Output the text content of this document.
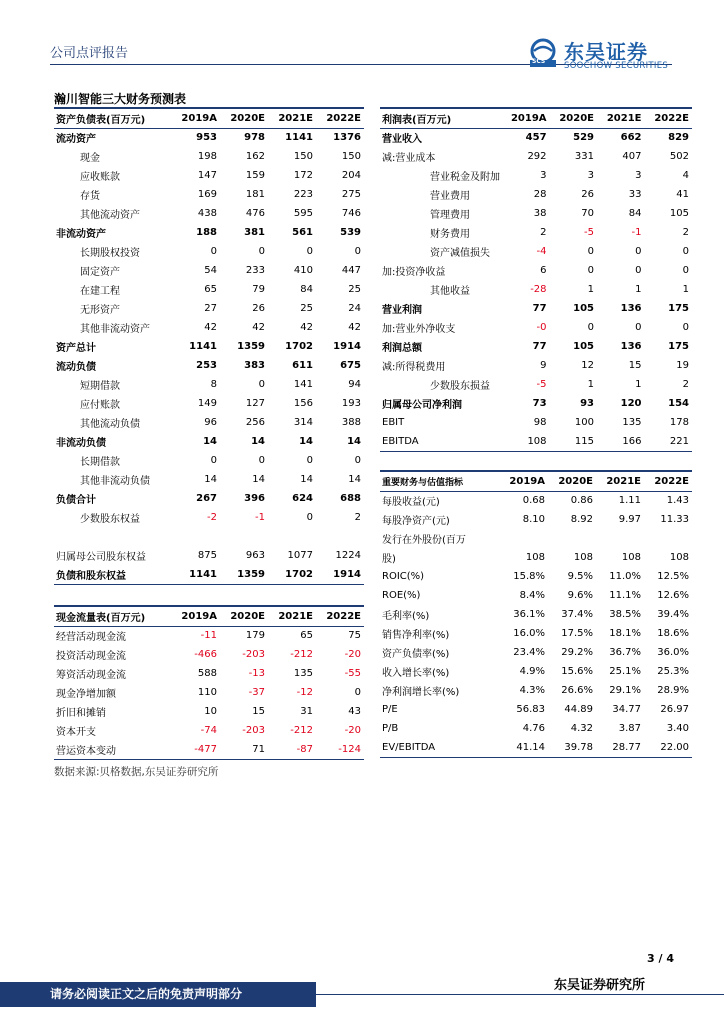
公司点评报告
SCS 东吴证券
SOOCHOW SECURITIES
瀚川智能三大财务预测表
资产负债表(百万元)	2019A	2020E	2021E	2022E
流动资产	953	978	1141	1376
现金	198	162	150	150
应收账款	147	159	172	204
存货	169	181	223	275
其他流动资产	438	476	595	746
非流动资产	188	381	561	539
长期股权投资	0	0	0	0
固定资产	54	233	410	447
在建工程	65	79	84	25
无形资产	27	26	25	24
其他非流动资产	42	42	42	42
资产总计	1141	1359	1702	1914
流动负债	253	383	611	675
短期借款	8	0	141	94
应付账款	149	127	156	193
其他流动负债	96	256	314	388
非流动负债	14	14	14	14
长期借款	0	0	0	0
其他非流动负债	14	14	14	14
负债合计	267	396	624	688
少数股东权益	-2	-1	0	2

归属母公司股东权益	875	963	1077	1224
负债和股东权益	1141	1359	1702	1914
利润表(百万元)	2019A	2020E	2021E	2022E
营业收入	457	529	662	829
减:营业成本	292	331	407	502
营业税金及附加	3	3	3	4
营业费用	28	26	33	41
管理费用	38	70	84	105
财务费用	2	-5	-1	2
资产减值损失	-4	0	0	0
加:投资净收益	6	0	0	0
其他收益	-28	1	1	1
营业利润	77	105	136	175
加:营业外净收支	-0	0	0	0
利润总额	77	105	136	175
减:所得税费用	9	12	15	19
少数股东损益	-5	1	1	2
归属母公司净利润	73	93	120	154
EBIT	98	100	135	178
EBITDA	108	115	166	221
重要财务与估值指标	2019A	2020E	2021E	2022E
每股收益(元)	0.68	0.86	1.11	1.43
每股净资产(元)	8.10	8.92	9.97	11.33
发行在外股份(百万				
股)	108	108	108	108
ROIC(%)	15.8%	9.5%	11.0%	12.5%
ROE(%)	8.4%	9.6%	11.1%	12.6%
毛利率(%)	36.1%	37.4%	38.5%	39.4%
销售净利率(%)	16.0%	17.5%	18.1%	18.6%
资产负债率(%)	23.4%	29.2%	36.7%	36.0%
收入增长率(%)	4.9%	15.6%	25.1%	25.3%
净利润增长率(%)	4.3%	26.6%	29.1%	28.9%
P/E	56.83	44.89	34.77	26.97
P/B	4.76	4.32	3.87	3.40
EV/EBITDA	41.14	39.78	28.77	22.00
现金流量表(百万元)	2019A	2020E	2021E	2022E
经营活动现金流	-11	179	65	75
投资活动现金流	-466	-203	-212	-20
筹资活动现金流	588	-13	135	-55
现金净增加额	110	-37	-12	0
折旧和摊销	10	15	31	43
资本开支	-74	-203	-212	-20
营运资本变动	-477	71	-87	-124
数据来源:贝格数据,东吴证券研究所
3 / 4
请务必阅读正文之后的免责声明部分
东吴证券研究所
